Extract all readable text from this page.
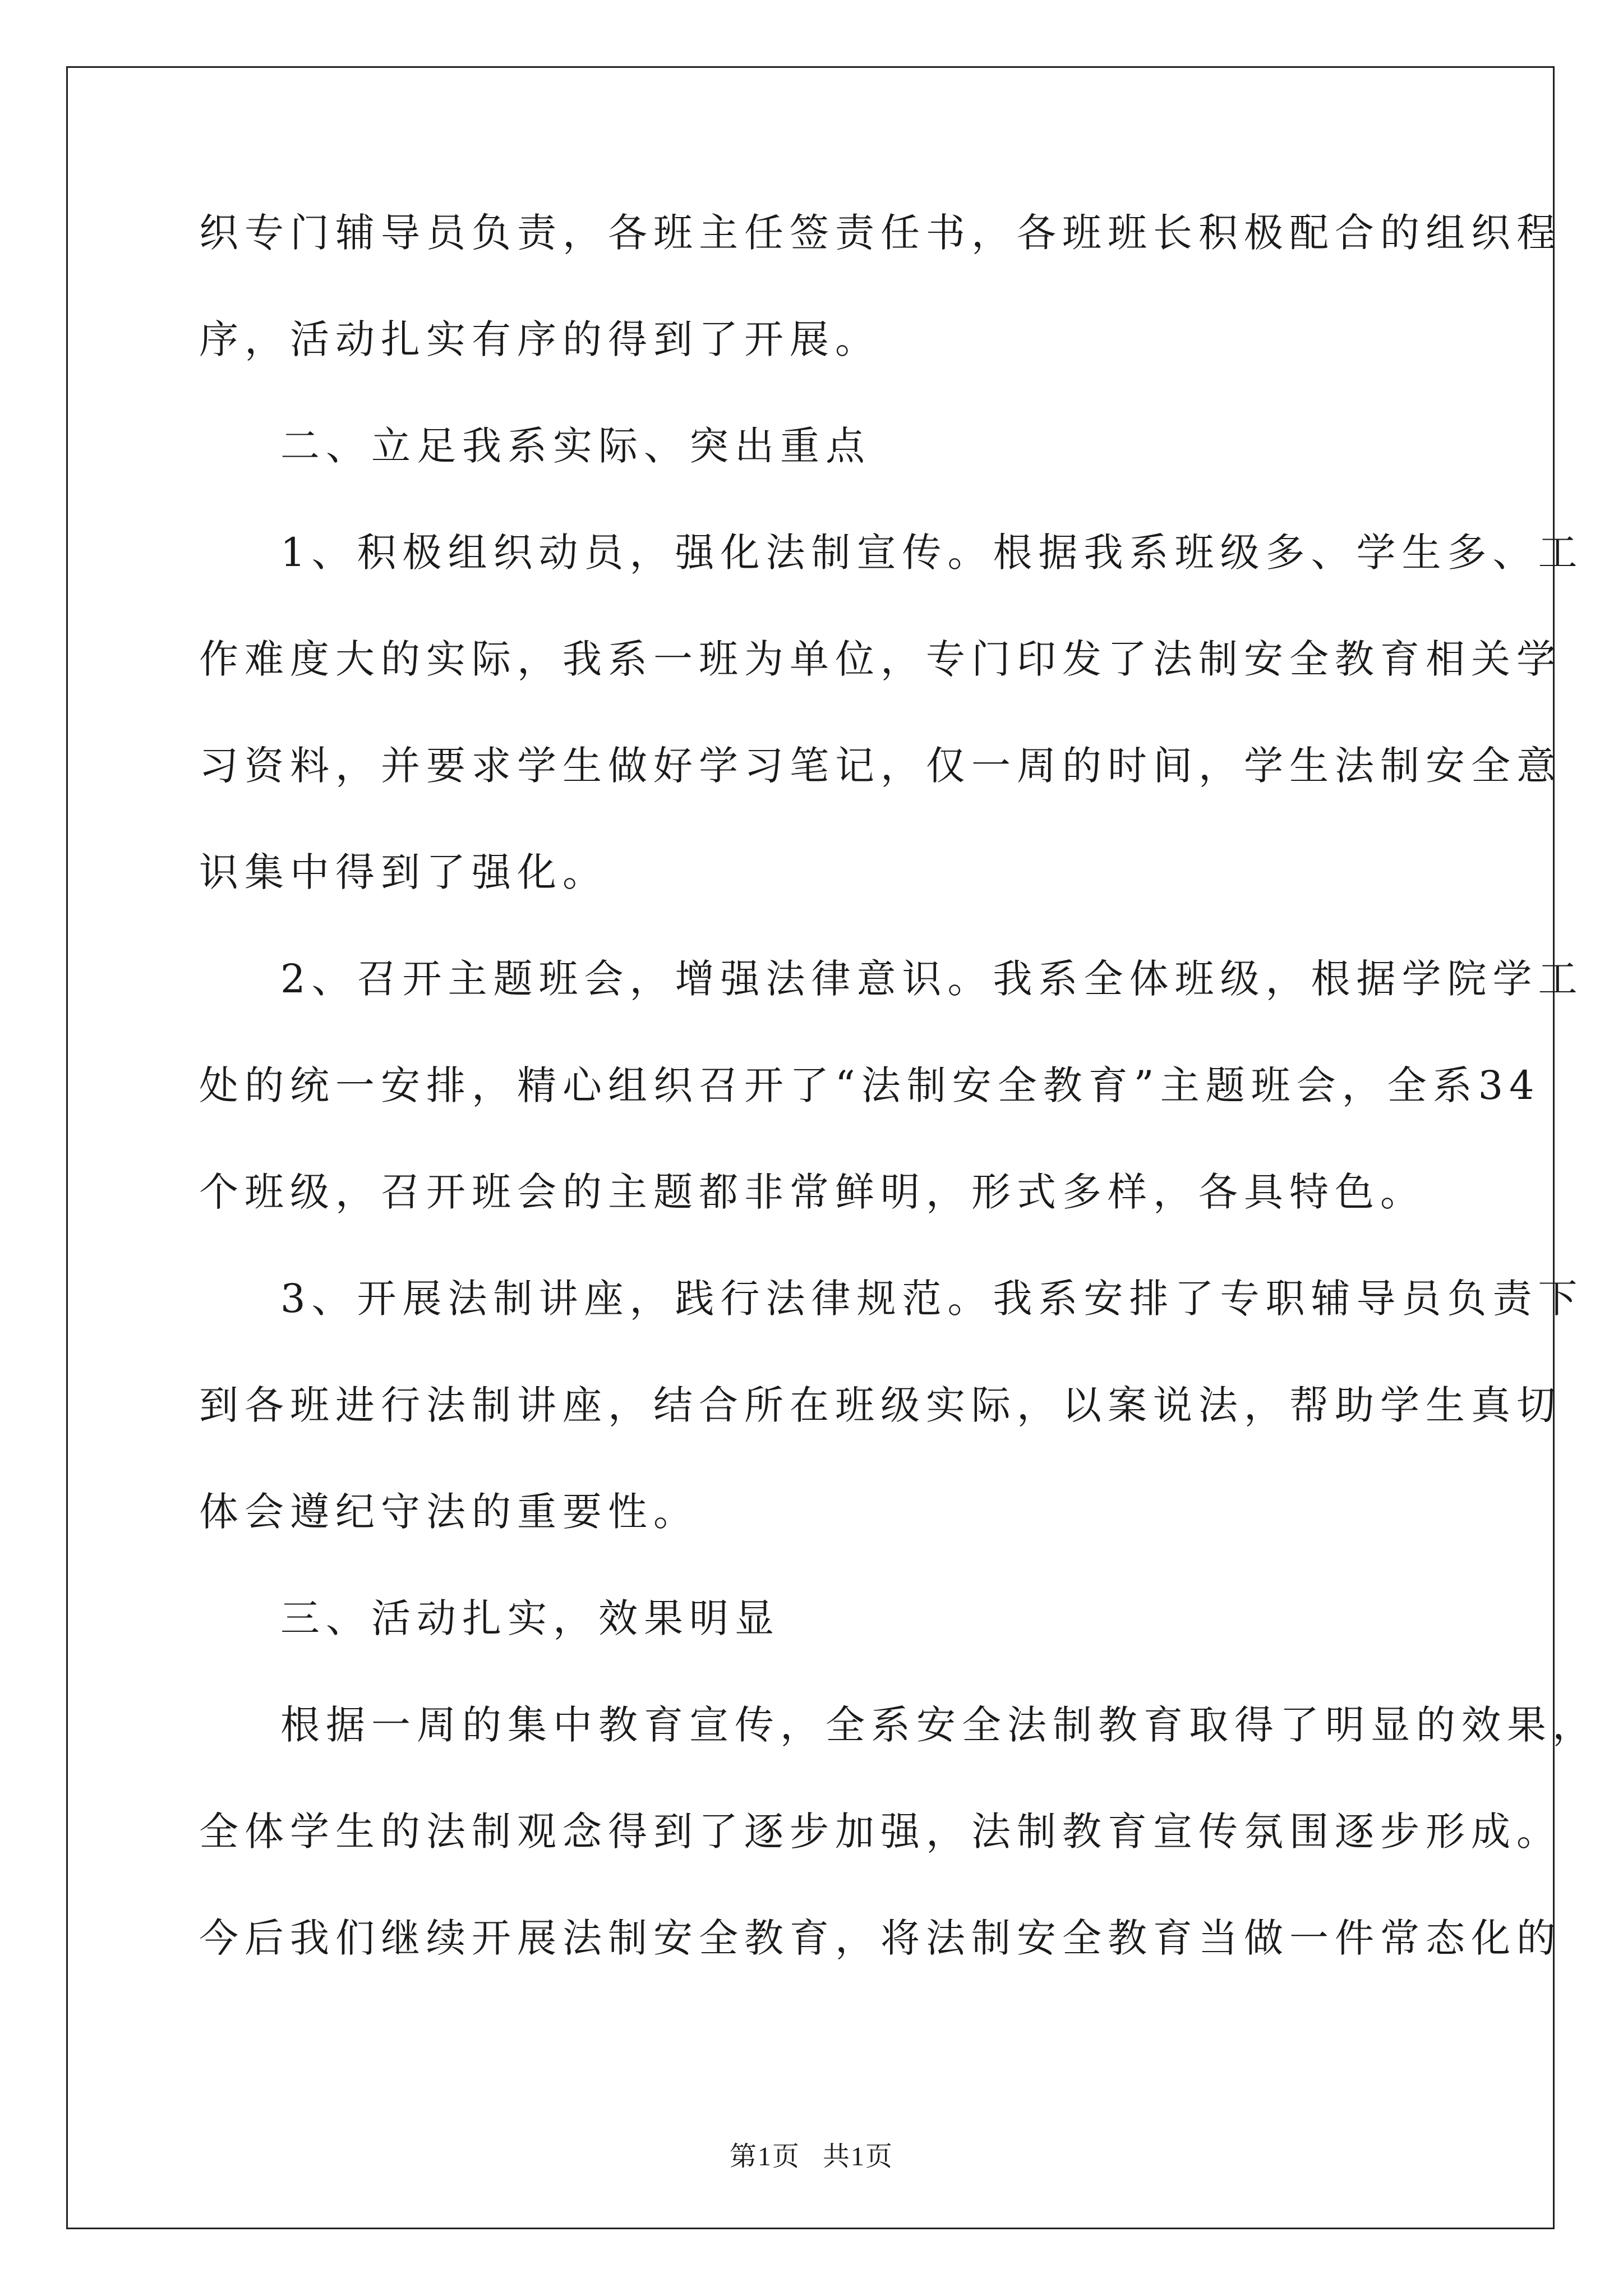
织专门辅导员负责，各班主任签责任书，各班班长积极配合的组织程
序，活动扎实有序的得到了开展。
二、立足我系实际、突出重点
1、积极组织动员，强化法制宣传。根据我系班级多、学生多、工
作难度大的实际，我系一班为单位，专门印发了法制安全教育相关学
习资料，并要求学生做好学习笔记，仅一周的时间，学生法制安全意
识集中得到了强化。
2、召开主题班会，增强法律意识。我系全体班级，根据学院学工
处的统一安排，精心组织召开了“法制安全教育”主题班会，全系34
个班级，召开班会的主题都非常鲜明，形式多样，各具特色。
3、开展法制讲座，践行法律规范。我系安排了专职辅导员负责下
到各班进行法制讲座，结合所在班级实际，以案说法，帮助学生真切
体会遵纪守法的重要性。
三、活动扎实，效果明显
根据一周的集中教育宣传，全系安全法制教育取得了明显的效果，
全体学生的法制观念得到了逐步加强，法制教育宣传氛围逐步形成。
今后我们继续开展法制安全教育，将法制安全教育当做一件常态化的
第1页 共1页
